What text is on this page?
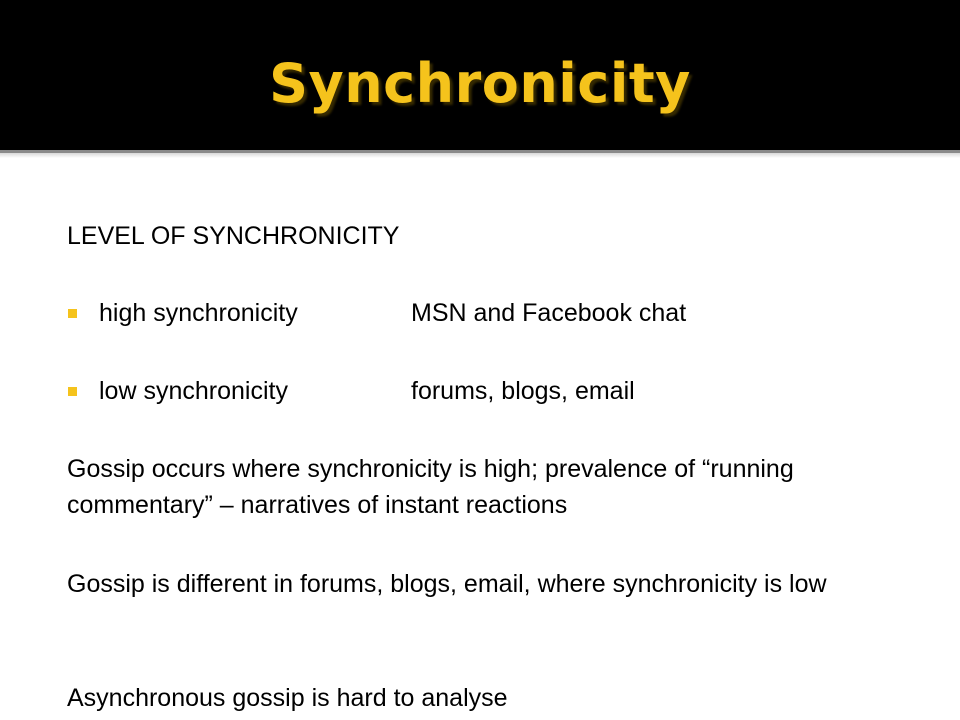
Synchronicity
LEVEL OF SYNCHRONICITY
high synchronicity	MSN and Facebook chat
low synchronicity	forums, blogs, email
Gossip occurs where synchronicity is high; prevalence of “running commentary” – narratives of instant reactions
Gossip is different in forums, blogs, email, where synchronicity is low
Asynchronous gossip is hard to analyse
